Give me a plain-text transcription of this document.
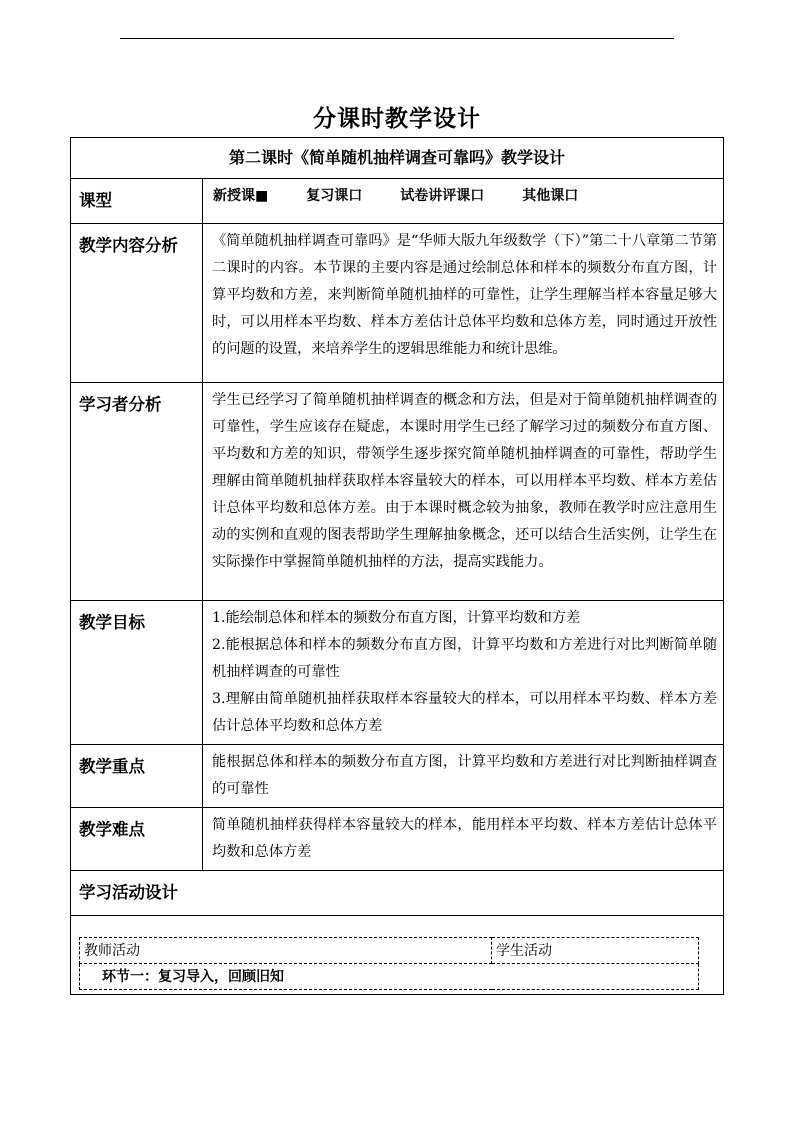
分课时教学设计
第二课时《简单随机抽样调查可靠吗》教学设计
课型	新授课■	复习课口	试卷讲评课口	其他课口
教学内容分析	《简单随机抽样调查可靠吗》是“华师大版九年级数学（下）”第二十八章第二节第二课时的内容。本节课的主要内容是通过绘制总体和样本的频数分布直方图，计算平均数和方差，来判断简单随机抽样的可靠性，让学生理解当样本容量足够大时，可以用样本平均数、样本方差估计总体平均数和总体方差，同时通过开放性的问题的设置，来培养学生的逻辑思维能力和统计思维。
学习者分析	学生已经学习了简单随机抽样调查的概念和方法，但是对于简单随机抽样调查的可靠性，学生应该存在疑虑，本课时用学生已经了解学习过的频数分布直方图、平均数和方差的知识，带领学生逐步探究简单随机抽样调查的可靠性，帮助学生理解由简单随机抽样获取样本容量较大的样本，可以用样本平均数、样本方差估计总体平均数和总体方差。由于本课时概念较为抽象，教师在教学时应注意用生动的实例和直观的图表帮助学生理解抽象概念，还可以结合生活实例，让学生在实际操作中掌握简单随机抽样的方法，提高实践能力。
教学目标	1.能绘制总体和样本的频数分布直方图，计算平均数和方差
2.能根据总体和样本的频数分布直方图，计算平均数和方差进行对比判断简单随机抽样调查的可靠性
3.理解由简单随机抽样获取样本容量较大的样本，可以用样本平均数、样本方差估计总体平均数和总体方差

教学重点	能根据总体和样本的频数分布直方图，计算平均数和方差进行对比判断抽样调查的可靠性
教学难点	简单随机抽样获得样本容量较大的样本，能用样本平均数、样本方差估计总体平均数和总体方差
学习活动设计

教师活动	学生活动
环节一：复习导入，回顾旧知
